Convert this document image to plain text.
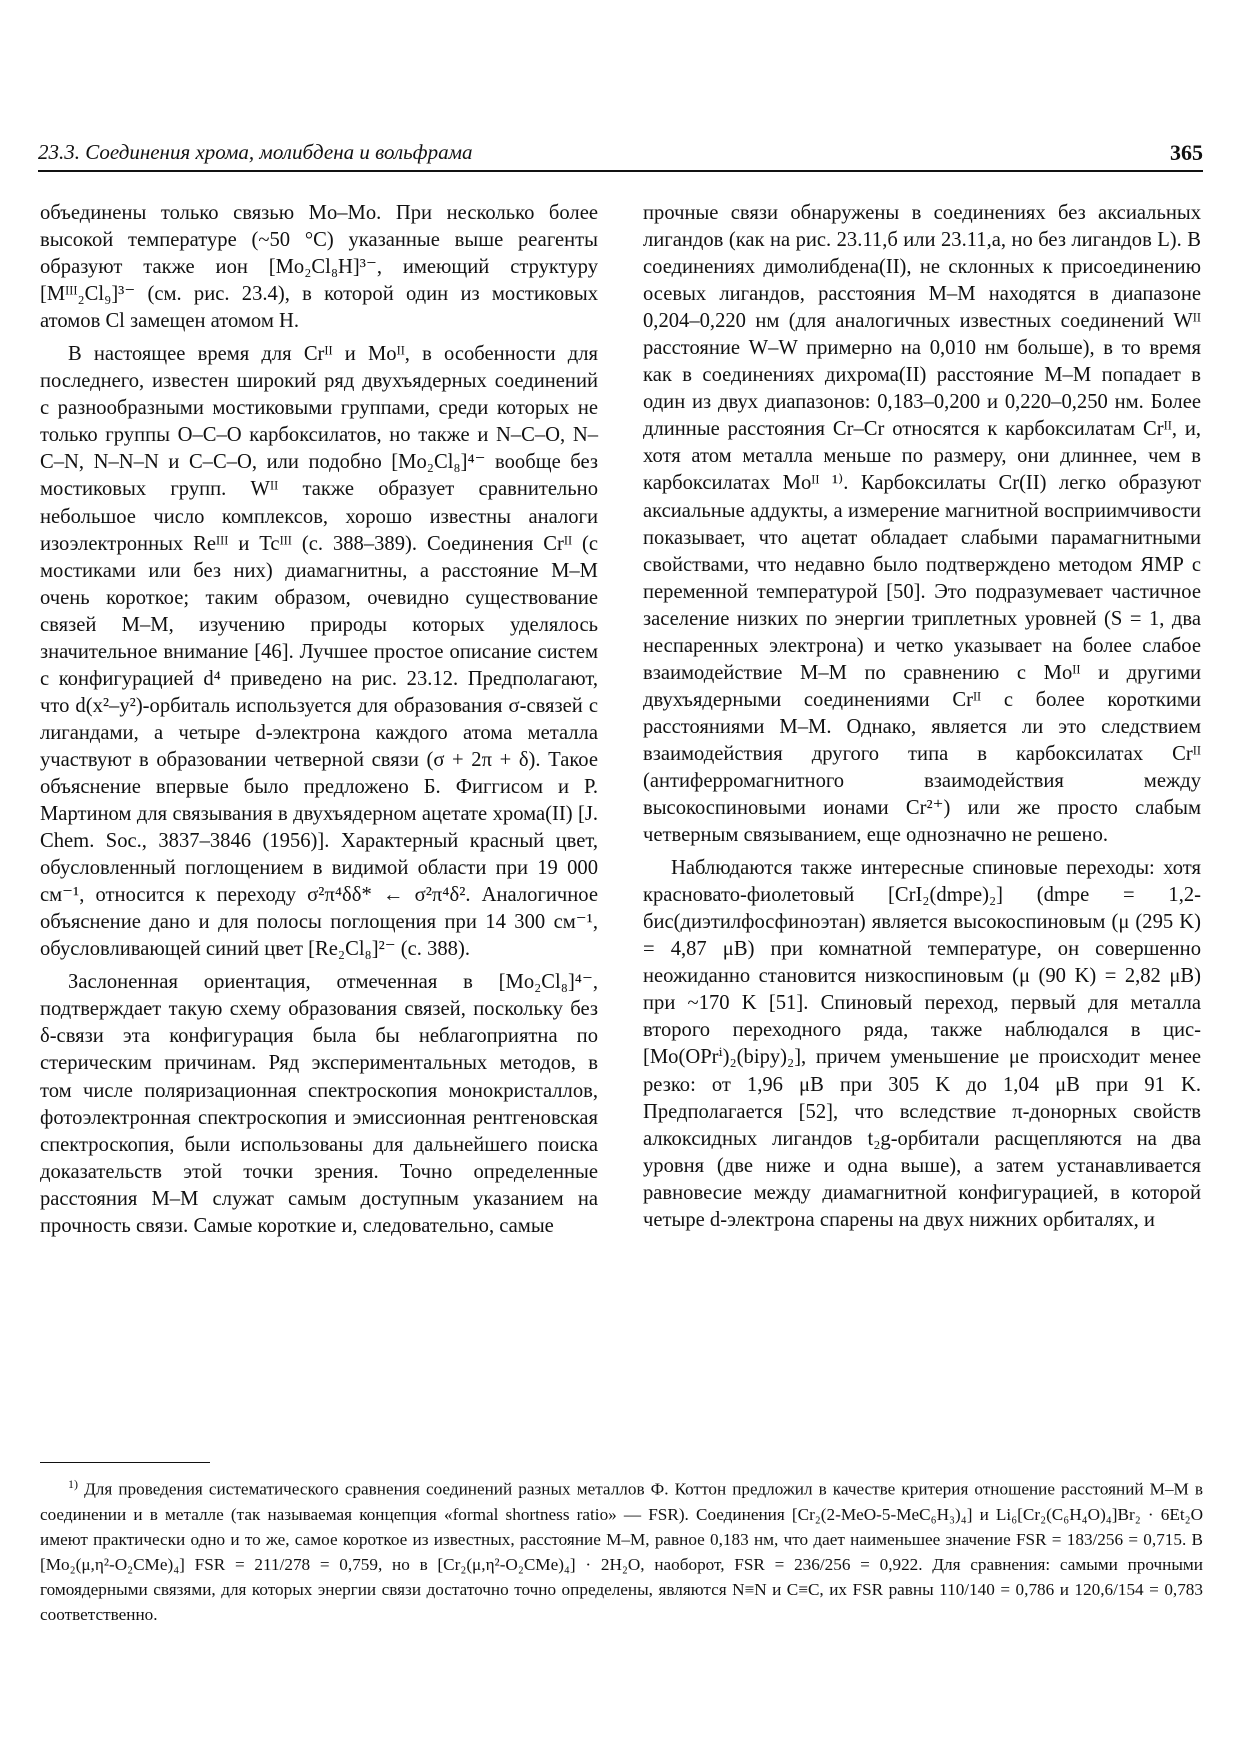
23.3. Соединения хрома, молибдена и вольфрама	365

объединены только связью Mo–Mo. При несколько более высокой температуре (~50 °C) указанные выше реагенты образуют также ион [Mo₂Cl₈H]³⁻, имеющий структуру [Mᴵᴵᴵ₂Cl₉]³⁻ (см. рис. 23.4), в которой один из мостиковых атомов Cl замещен атомом H.

В настоящее время для Crᴵᴵ и Moᴵᴵ, в особенности для последнего, известен широкий ряд двухъядерных соединений с разнообразными мостиковыми группами, среди которых не только группы O–C–O карбоксилатов, но также и N–C–O, N–C–N, N–N–N и C–C–O, или подобно [Mo₂Cl₈]⁴⁻ вообще без мостиковых групп. Wᴵᴵ также образует сравнительно небольшое число комплексов, хорошо известны аналоги изоэлектронных Reᴵᴵᴵ и Tcᴵᴵᴵ (с. 388–389). Соединения Crᴵᴵ (с мостиками или без них) диамагнитны, а расстояние M–M очень короткое; таким образом, очевидно существование связей M–M, изучению природы которых уделялось значительное внимание [46]. Лучшее простое описание систем с конфигурацией d⁴ приведено на рис. 23.12. Предполагают, что d(x²–y²)-орбиталь используется для образования σ-связей с лигандами, а четыре d-электрона каждого атома металла участвуют в образовании четверной связи (σ + 2π + δ). Такое объяснение впервые было предложено Б. Фиггисом и Р. Мартином для связывания в двухъядерном ацетате хрома(II) [J. Chem. Soc., 3837–3846 (1956)]. Характерный красный цвет, обусловленный поглощением в видимой области при 19 000 см⁻¹, относится к переходу σ²π⁴δδ* ← σ²π⁴δ². Аналогичное объяснение дано и для полосы поглощения при 14 300 см⁻¹, обусловливающей синий цвет [Re₂Cl₈]²⁻ (с. 388).

Заслоненная ориентация, отмеченная в [Mo₂Cl₈]⁴⁻, подтверждает такую схему образования связей, поскольку без δ-связи эта конфигурация была бы неблагоприятна по стерическим причинам. Ряд экспериментальных методов, в том числе поляризационная спектроскопия монокристаллов, фотоэлектронная спектроскопия и эмиссионная рентгеновская спектроскопия, были использованы для дальнейшего поиска доказательств этой точки зрения. Точно определенные расстояния M–M служат самым доступным указанием на прочность связи. Самые короткие и, следовательно, самые

прочные связи обнаружены в соединениях без аксиальных лигандов (как на рис. 23.11,б или 23.11,а, но без лигандов L). В соединениях димолибдена(II), не склонных к присоединению осевых лигандов, расстояния M–M находятся в диапазоне 0,204–0,220 нм (для аналогичных известных соединений Wᴵᴵ расстояние W–W примерно на 0,010 нм больше), в то время как в соединениях дихрома(II) расстояние M–M попадает в один из двух диапазонов: 0,183–0,200 и 0,220–0,250 нм. Более длинные расстояния Cr–Cr относятся к карбоксилатам Crᴵᴵ, и, хотя атом металла меньше по размеру, они длиннее, чем в карбоксилатах Moᴵᴵ ¹⁾. Карбоксилаты Cr(II) легко образуют аксиальные аддукты, а измерение магнитной восприимчивости показывает, что ацетат обладает слабыми парамагнитными свойствами, что недавно было подтверждено методом ЯМР с переменной температурой [50]. Это подразумевает частичное заселение низких по энергии триплетных уровней (S = 1, два неспаренных электрона) и четко указывает на более слабое взаимодействие M–M по сравнению с Moᴵᴵ и другими двухъядерными соединениями Crᴵᴵ с более короткими расстояниями M–M. Однако, является ли это следствием взаимодействия другого типа в карбоксилатах Crᴵᴵ (антиферромагнитного взаимодействия между высокоспиновыми ионами Cr²⁺) или же просто слабым четверным связыванием, еще однозначно не решено.

Наблюдаются также интересные спиновые переходы: хотя красновато-фиолетовый [CrI₂(dmpe)₂] (dmpe = 1,2-бис(диэтилфосфиноэтан) является высокоспиновым (μ (295 K) = 4,87 μB) при комнатной температуре, он совершенно неожиданно становится низкоспиновым (μ (90 K) = 2,82 μB) при ~170 K [51]. Спиновый переход, первый для металла второго переходного ряда, также наблюдался в цис-[Mo(OPrⁱ)₂(bipy)₂], причем уменьшение μe происходит менее резко: от 1,96 μB при 305 K до 1,04 μB при 91 K. Предполагается [52], что вследствие π-донорных свойств алкоксидных лигандов t₂g-орбитали расщепляются на два уровня (две ниже и одна выше), а затем устанавливается равновесие между диамагнитной конфигурацией, в которой четыре d-электрона спарены на двух нижних орбиталях, и

$^{1)}$ Для проведения систематического сравнения соединений разных металлов Ф. Коттон предложил в качестве критерия отношение расстояний M–M в соединении и в металле (так называемая концепция «formal shortness ratio» — FSR). Соединения [Cr₂(2-MeO-5-MeC₆H₃)₄] и Li₆[Cr₂(C₆H₄O)₄]Br₂ · 6Et₂O имеют практически одно и то же, самое короткое из известных, расстояние M–M, равное 0,183 нм, что дает наименьшее значение FSR = 183/256 = 0,715. В [Mo₂(μ,η²-O₂CMe)₄] FSR = 211/278 = 0,759, но в [Cr₂(μ,η²-O₂CMe)₄] · 2H₂O, наоборот, FSR = 236/256 = 0,922. Для сравнения: самыми прочными гомоядерными связями, для которых энергии связи достаточно точно определены, являются N≡N и C≡C, их FSR равны 110/140 = 0,786 и 120,6/154 = 0,783 соответственно.
